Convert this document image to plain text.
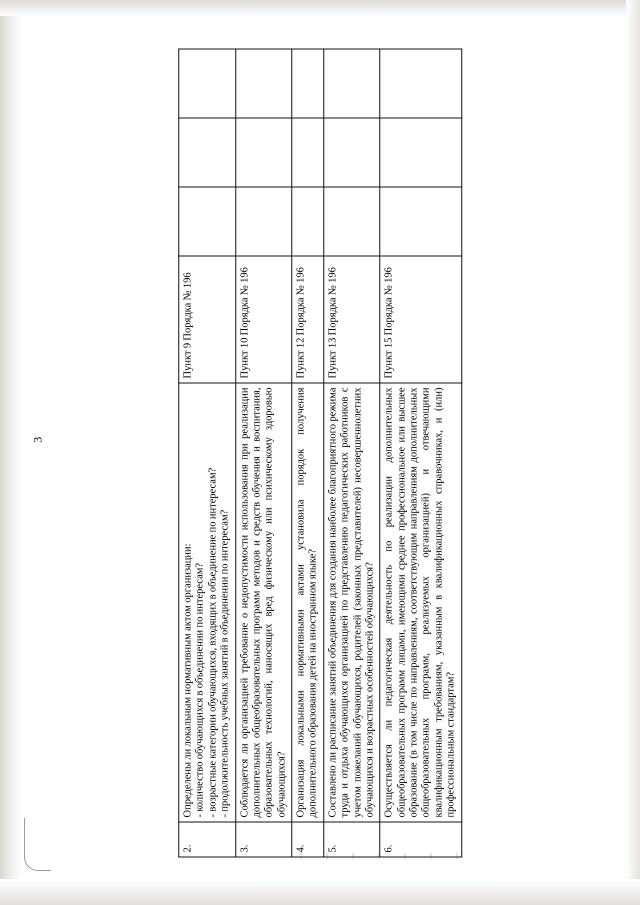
3
2.	Определены ли локальным нормативным актом организации: - количество обучающихся в объединении по интересам? - возрастные категории обучающихся, входящих в объединение по интересам? - продолжительность учебных занятий в объединении по интересам?	Пункт 9 Порядка № 196			
3.	Соблюдается ли организацией требование о недопустимости использования при реализации дополнительных общеобразовательных программ методов и средств обучения и воспитания, образовательных технологий, наносящих вред физическому или психическому здоровью обучающихся?	Пункт 10 Порядка № 196			
4.	Организация локальными нормативными актами установила порядок получения дополнительного образования детей на иностранном языке?	Пункт 12 Порядка № 196			
5.	Составлено ли расписание занятий объединения для создания наиболее благоприятного режима труда и отдыха обучающихся организацией по представлению педагогических работников с учетом пожеланий обучающихся, родителей (законных представителей) несовершеннолетних обучающихся и возрастных особенностей обучающихся?	Пункт 13 Порядка № 196			
6.	Осуществляется ли педагогическая деятельность по реализации дополнительных общеобразовательных программ лицами, имеющими среднее профессиональное или высшее образование (в том числе по направлениям, соответствующим направлениям дополнительных общеобразовательных программ, реализуемых организацией) и отвечающими квалификационным требованиям, указанным в квалификационных справочниках, и (или) профессиональным стандартам?	Пункт 15 Порядка № 196			
